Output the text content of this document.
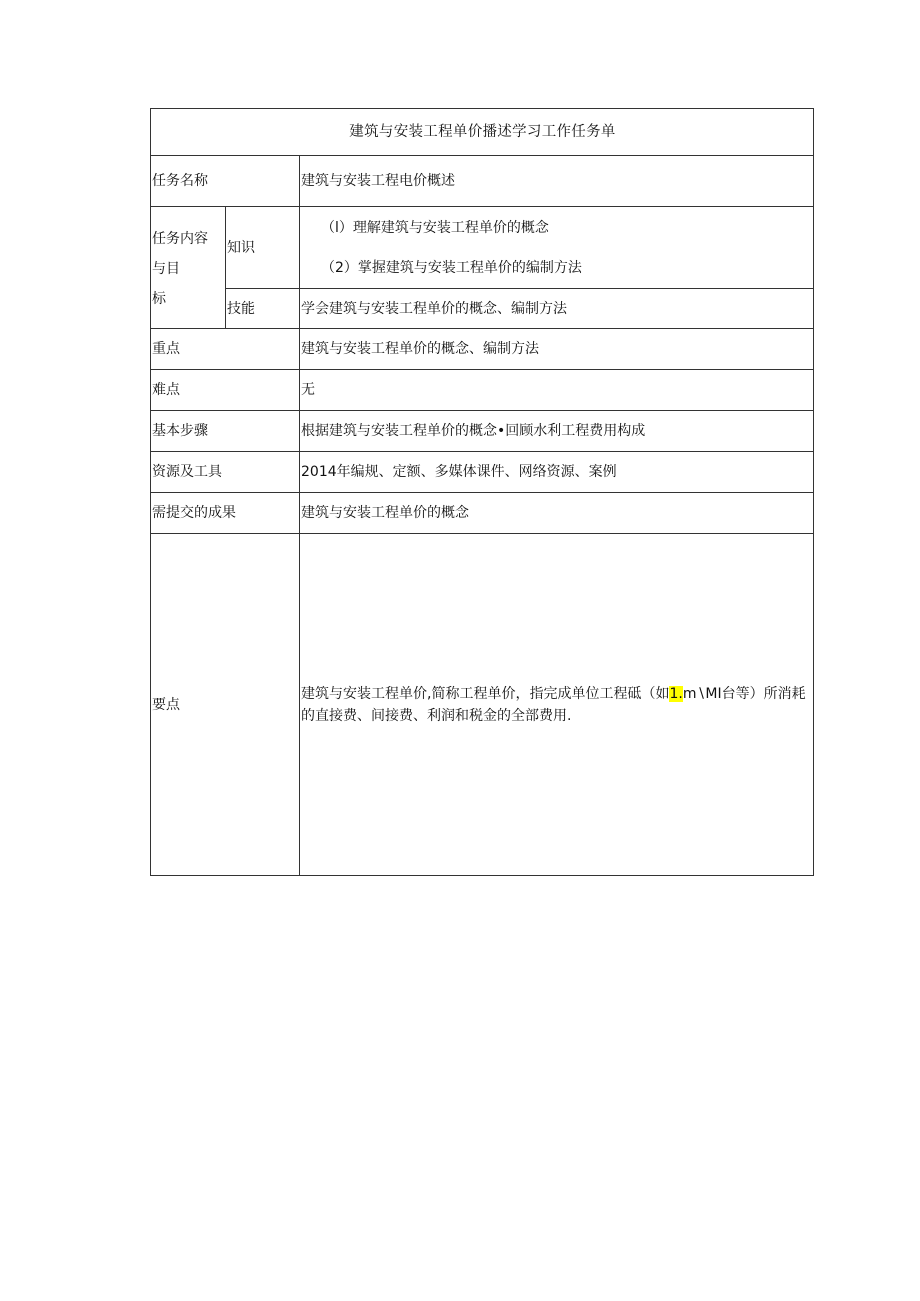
建筑与安装工程单价播述学习工作任务单		
任务名称		建筑与安装工程电价概述

任务内容
与目
标	知识	（l）理解建筑与安装工程单价的概念
（2）掌握建筑与安装工程单价的编制方法

	技能	学会建筑与安装工程单价的概念、编制方法
重点		建筑与安装工程单价的概念、编制方法
难点		无
基本步骤		根据建筑与安装工程单价的概念•回顾水利工程费用构成
资源及工具		2014年编规、定额、多媒体课件、网络资源、案例
需提交的成果		建筑与安装工程单价的概念
要点		建筑与安装工程单价,简称工程单价，指完成单位工程砥（如1.m∖MI台等）所消耗的直接费、间接费、利润和税金的全部费用.
